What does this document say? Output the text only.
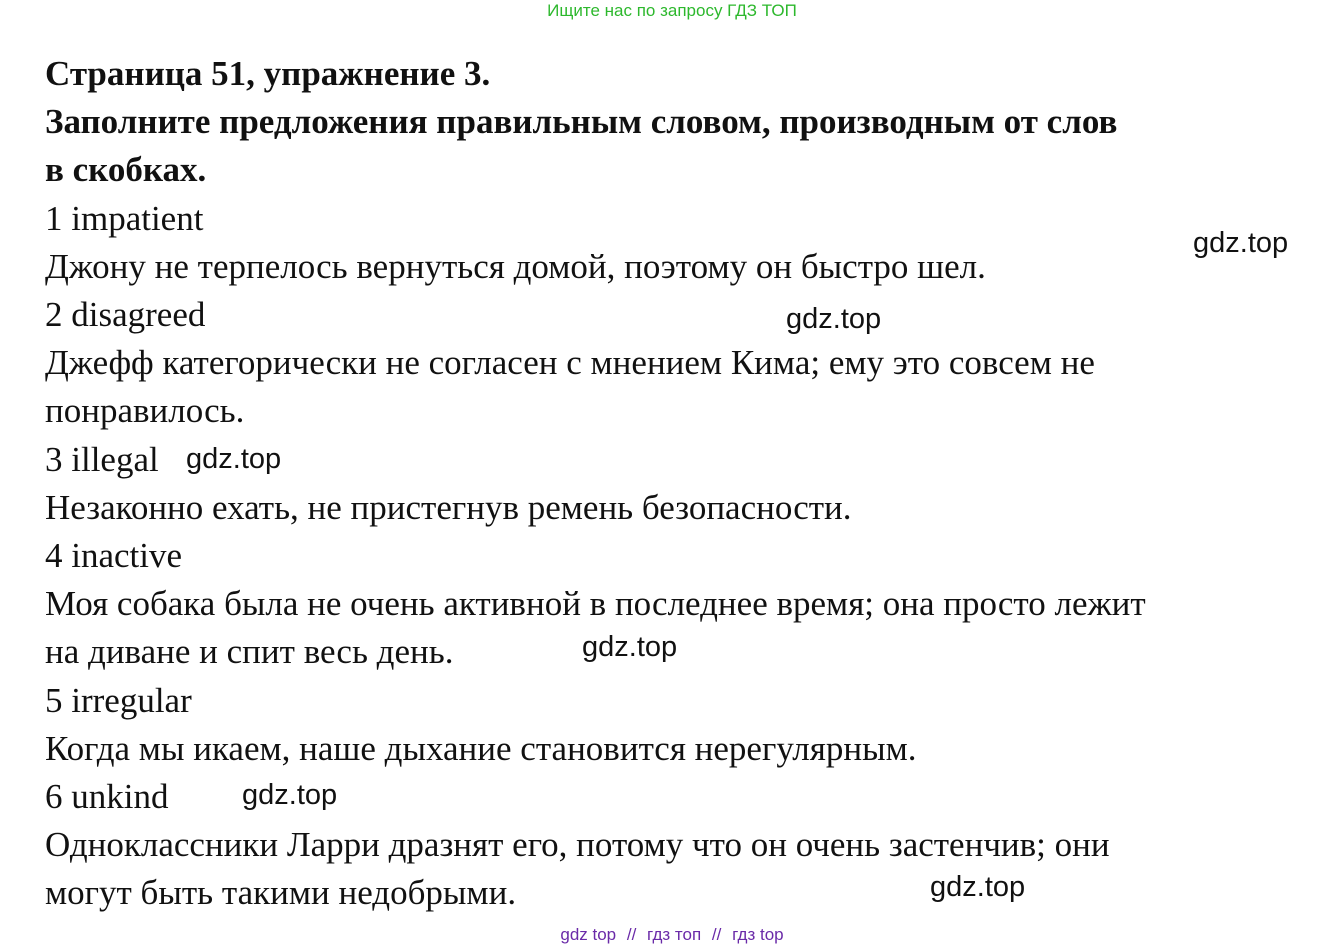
Ищите нас по запросу ГДЗ ТОП
Страница 51, упражнение 3.
Заполните предложения правильным словом, производным от слов
в скобках.
1 impatient
Джону не терпелось вернуться домой, поэтому он быстро шел.
2 disagreed
Джефф категорически не согласен с мнением Кима; ему это совсем не
понравилось.
3 illegal
Незаконно ехать, не пристегнув ремень безопасности.
4 inactive
Моя собака была не очень активной в последнее время; она просто лежит
на диване и спит весь день.
5 irregular
Когда мы икаем, наше дыхание становится нерегулярным.
6 unkind
Одноклассники Ларри дразнят его, потому что он очень застенчив; они
могут быть такими недобрыми.
gdz.top
gdz.top
gdz.top
gdz.top
gdz.top
gdz.top
gdz top // гдз топ // гдз top
